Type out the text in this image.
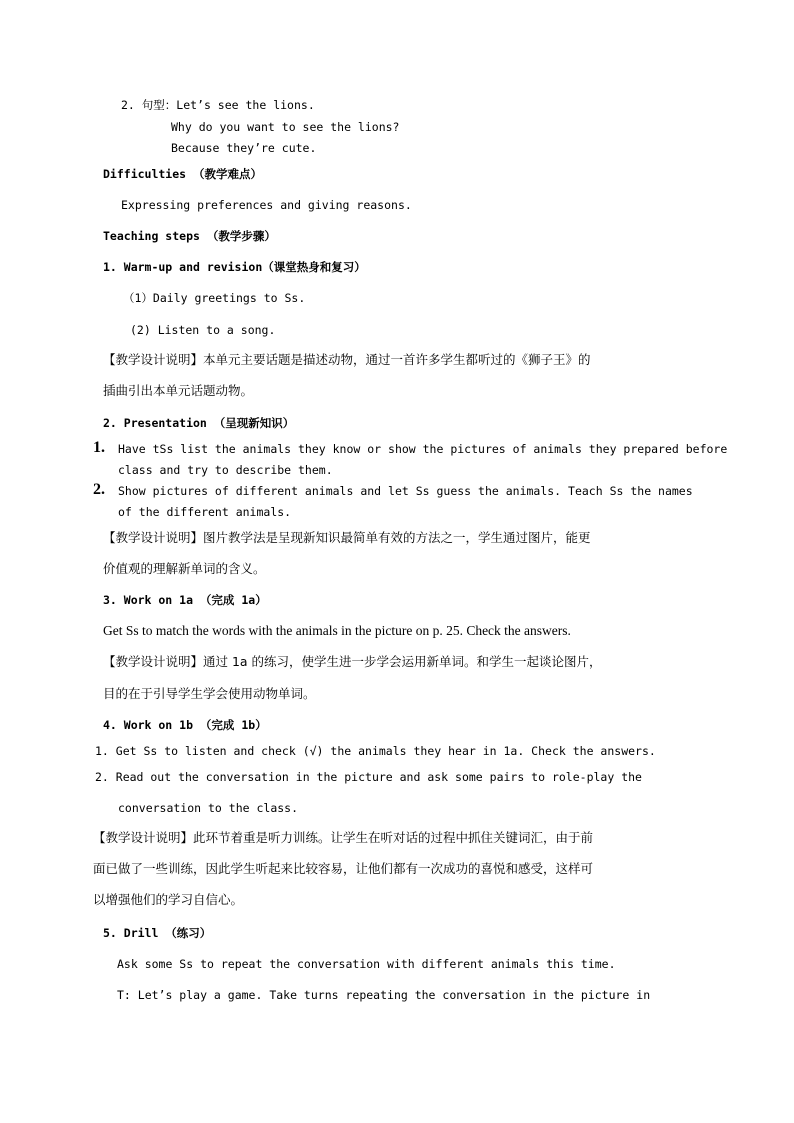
2. 句型：Let’s see the lions.
Why do you want to see the lions?
Because they’re cute.
Difficulties （教学难点）
Expressing preferences and giving reasons.
Teaching steps （教学步骤）
1. Warm-up and revision（课堂热身和复习）
（1）Daily greetings to Ss.
(2) Listen to a song.
【教学设计说明】本单元主要话题是描述动物，通过一首许多学生都听过的《狮子王》的
插曲引出本单元话题动物。
2. Presentation （呈现新知识）
1. Have tSs list the animals they know or show the pictures of animals they prepared before
class and try to describe them.
2. Show pictures of different animals and let Ss guess the animals. Teach Ss the names
of the different animals.
【教学设计说明】图片教学法是呈现新知识最简单有效的方法之一，学生通过图片，能更
价值观的理解新单词的含义。
3. Work on 1a （完成 1a）
Get Ss to match the words with the animals in the picture on p. 25. Check the answers.
【教学设计说明】通过 1a 的练习，使学生进一步学会运用新单词。和学生一起谈论图片，
目的在于引导学生学会使用动物单词。
4. Work on 1b （完成 1b）
1. Get Ss to listen and check (√) the animals they hear in 1a. Check the answers.
2. Read out the conversation in the picture and ask some pairs to role-play the
conversation to the class.
【教学设计说明】此环节着重是听力训练。让学生在听对话的过程中抓住关键词汇，由于前
面已做了一些训练，因此学生听起来比较容易，让他们都有一次成功的喜悦和感受，这样可
以增强他们的学习自信心。
5. Drill （练习）
Ask some Ss to repeat the conversation with different animals this time.
T: Let’s play a game. Take turns repeating the conversation in the picture in
